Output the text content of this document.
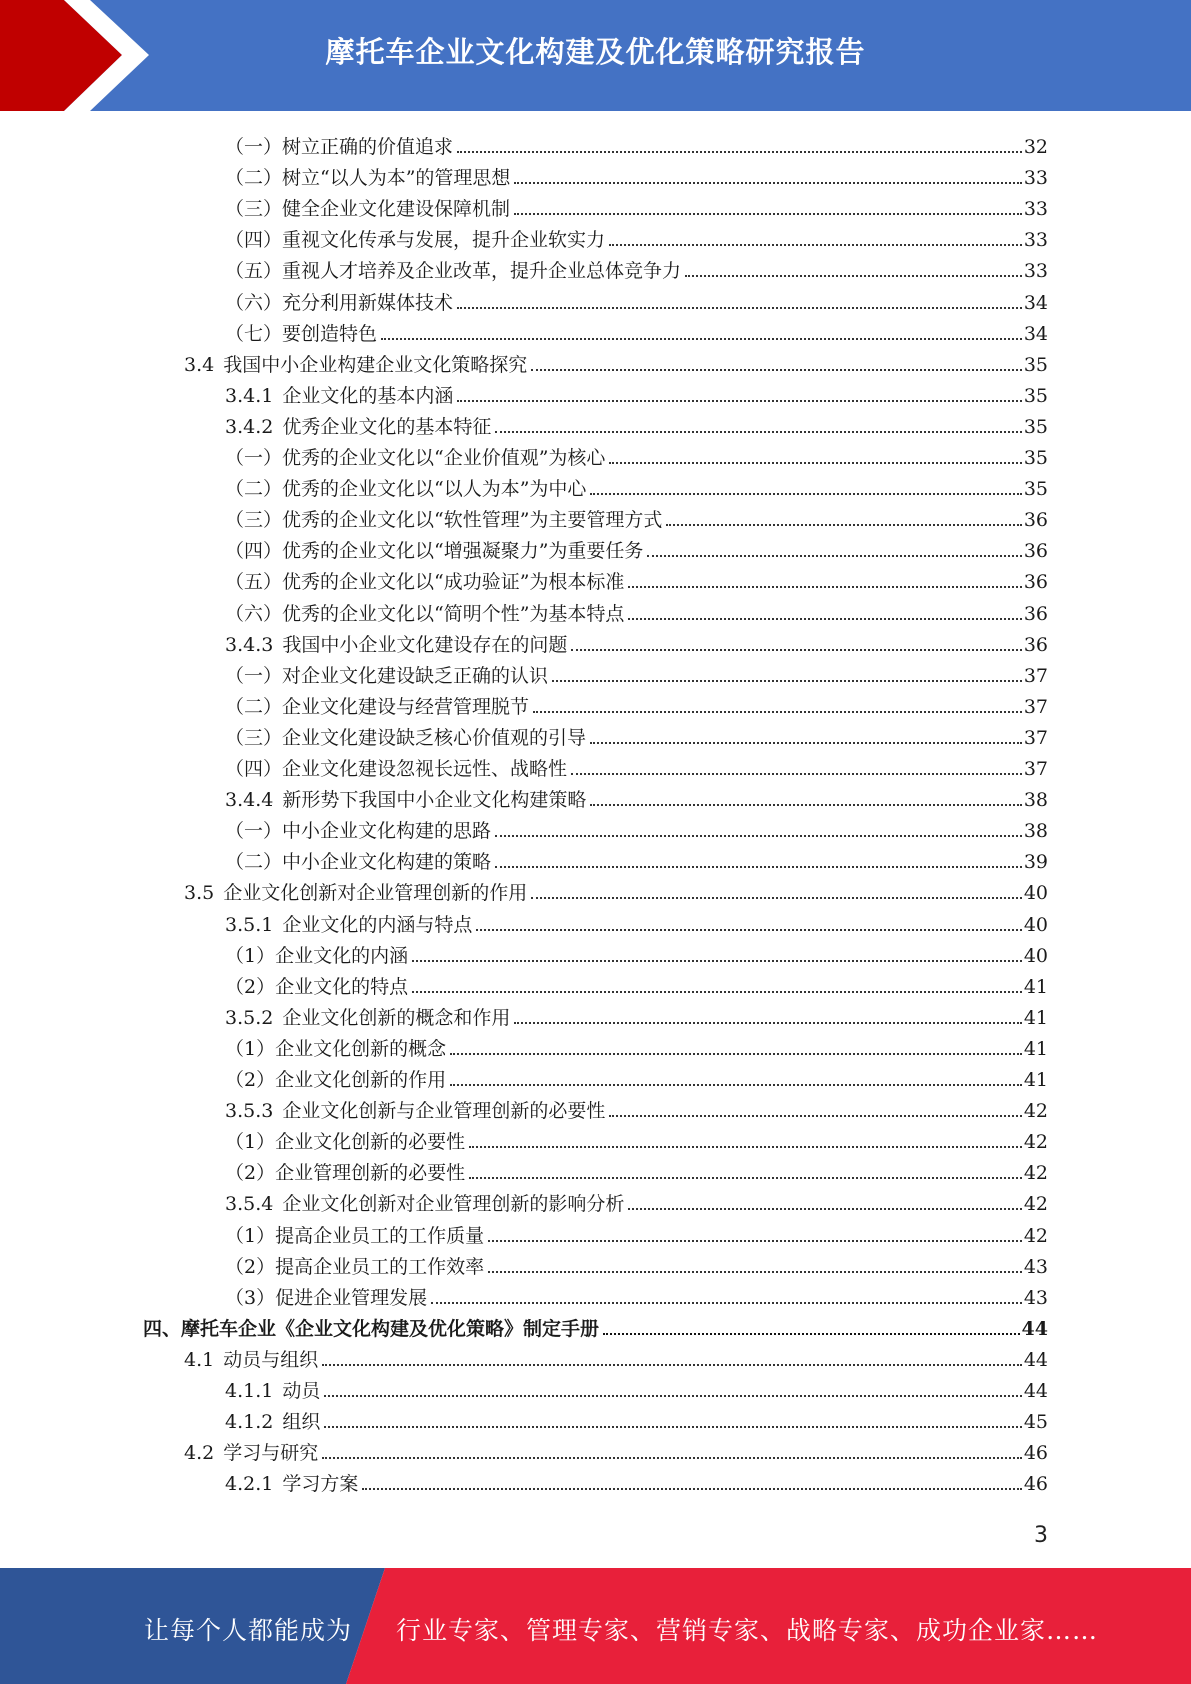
摩托车企业文化构建及优化策略研究报告
（一）树立正确的价值追求	32
（二）树立“以人为本”的管理思想	33
（三）健全企业文化建设保障机制	33
（四）重视文化传承与发展，提升企业软实力	33
（五）重视人才培养及企业改革，提升企业总体竞争力	33
（六）充分利用新媒体技术	34
（七）要创造特色	34
3.4 我国中小企业构建企业文化策略探究	35
3.4.1 企业文化的基本内涵	35
3.4.2 优秀企业文化的基本特征	35
（一）优秀的企业文化以“企业价值观”为核心	35
（二）优秀的企业文化以“以人为本”为中心	35
（三）优秀的企业文化以“软性管理”为主要管理方式	36
（四）优秀的企业文化以“增强凝聚力”为重要任务	36
（五）优秀的企业文化以“成功验证”为根本标准	36
（六）优秀的企业文化以“简明个性”为基本特点	36
3.4.3 我国中小企业文化建设存在的问题	36
（一）对企业文化建设缺乏正确的认识	37
（二）企业文化建设与经营管理脱节	37
（三）企业文化建设缺乏核心价值观的引导	37
（四）企业文化建设忽视长远性、战略性	37
3.4.4 新形势下我国中小企业文化构建策略	38
（一）中小企业文化构建的思路	38
（二）中小企业文化构建的策略	39
3.5 企业文化创新对企业管理创新的作用	40
3.5.1 企业文化的内涵与特点	40
（1）企业文化的内涵	40
（2）企业文化的特点	41
3.5.2 企业文化创新的概念和作用	41
（1）企业文化创新的概念	41
（2）企业文化创新的作用	41
3.5.3 企业文化创新与企业管理创新的必要性	42
（1）企业文化创新的必要性	42
（2）企业管理创新的必要性	42
3.5.4 企业文化创新对企业管理创新的影响分析	42
（1）提高企业员工的工作质量	42
（2）提高企业员工的工作效率	43
（3）促进企业管理发展	43
四、摩托车企业《企业文化构建及优化策略》制定手册	44
4.1 动员与组织	44
4.1.1 动员	44
4.1.2 组织	45
4.2 学习与研究	46
4.2.1 学习方案	46
3
让每个人都能成为 行业专家、管理专家、营销专家、战略专家、成功企业家……
